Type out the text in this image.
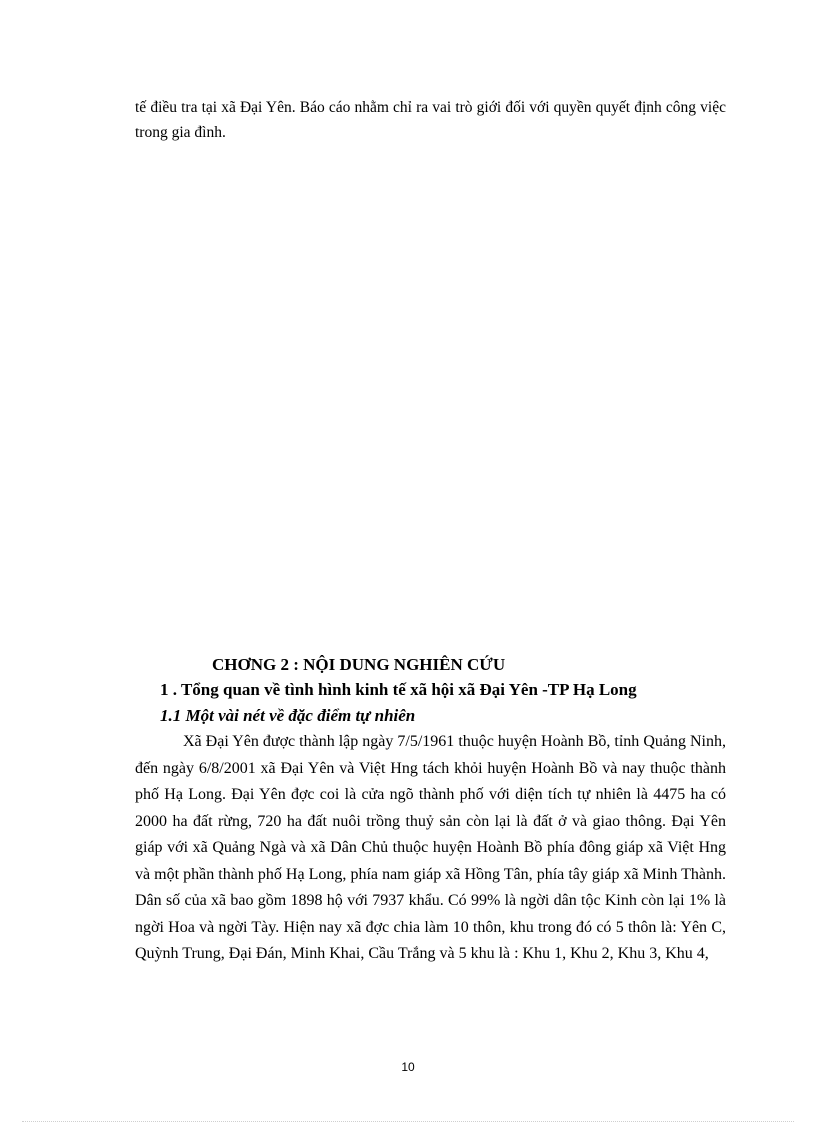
tế điều tra tại xã Đại Yên. Báo cáo nhằm chỉ ra vai trò giới đối với quyền quyết định công việc trong gia đình.

CHƠNG 2 : NỘI DUNG NGHIÊN CỨU
1 . Tổng quan về tình hình kinh tế xã hội xã Đại Yên -TP Hạ Long
1.1 Một vài nét về đặc điểm tự nhiên

Xã Đại Yên được thành lập ngày 7/5/1961 thuộc huyện Hoành Bồ, tỉnh Quảng Ninh, đến ngày 6/8/2001 xã Đại Yên và Việt Hng tách khỏi huyện Hoành Bồ và nay thuộc thành phố Hạ Long. Đại Yên đợc coi là cửa ngõ thành phố với diện tích tự nhiên là 4475 ha có 2000 ha đất rừng, 720 ha đất nuôi trồng thuỷ sản còn lại là đất ở và giao thông. Đại Yên giáp với xã Quảng Ngà và xã Dân Chủ thuộc huyện Hoành Bồ phía đông giáp xã Việt Hng và một phần thành phố Hạ Long, phía nam giáp xã Hồng Tân, phía tây giáp xã Minh Thành. Dân số của xã bao gồm 1898 hộ với 7937 khẩu. Có 99% là ngời dân tộc Kinh còn lại 1% là ngời Hoa và ngời Tày. Hiện nay xã đợc chia làm 10 thôn, khu trong đó có 5 thôn là: Yên C, Quỳnh Trung, Đại Đán, Minh Khai, Cầu Trắng và 5 khu là : Khu 1, Khu 2, Khu 3, Khu 4,

10
